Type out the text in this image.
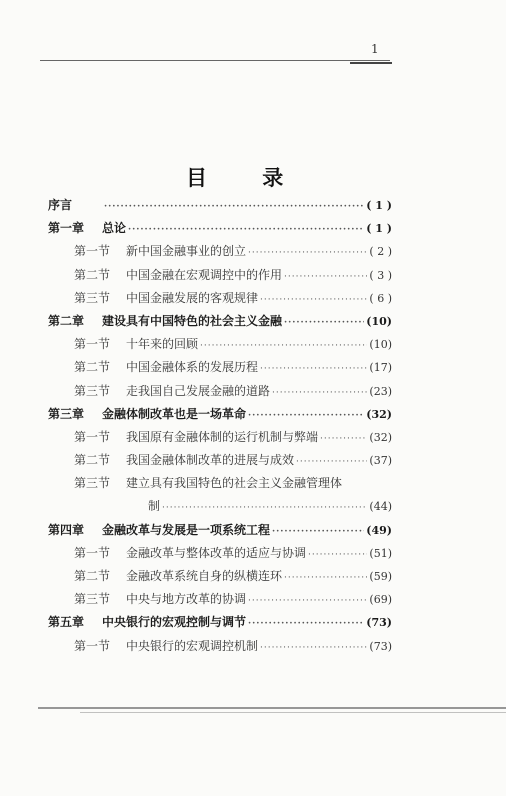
1
目 录
序言 ·····	( 1 )
第一章	总论 ·····	( 1 )
第一节	新中国金融事业的创立 ·····	( 2 )
第二节	中国金融在宏观调控中的作用 ·····	( 3 )
第三节	中国金融发展的客观规律 ·····	( 6 )
第二章	建设具有中国特色的社会主义金融 ·····	(10)
第一节	十年来的回顾 ·····	(10)
第二节	中国金融体系的发展历程 ·····	(17)
第三节	走我国自己发展金融的道路 ·····	(23)
第三章	金融体制改革也是一场革命 ·····	(32)
第一节	我国原有金融体制的运行机制与弊端 ·····	(32)
第二节	我国金融体制改革的进展与成效 ·····	(37)
第三节	建立具有我国特色的社会主义金融管理体
制 ·····	(44)
第四章	金融改革与发展是一项系统工程 ·····	(49)
第一节	金融改革与整体改革的适应与协调 ·····	(51)
第二节	金融改革系统自身的纵横连环 ·····	(59)
第三节	中央与地方改革的协调 ·····	(69)
第五章	中央银行的宏观控制与调节 ·····	(73)
第一节	中央银行的宏观调控机制 ·····	(73)
